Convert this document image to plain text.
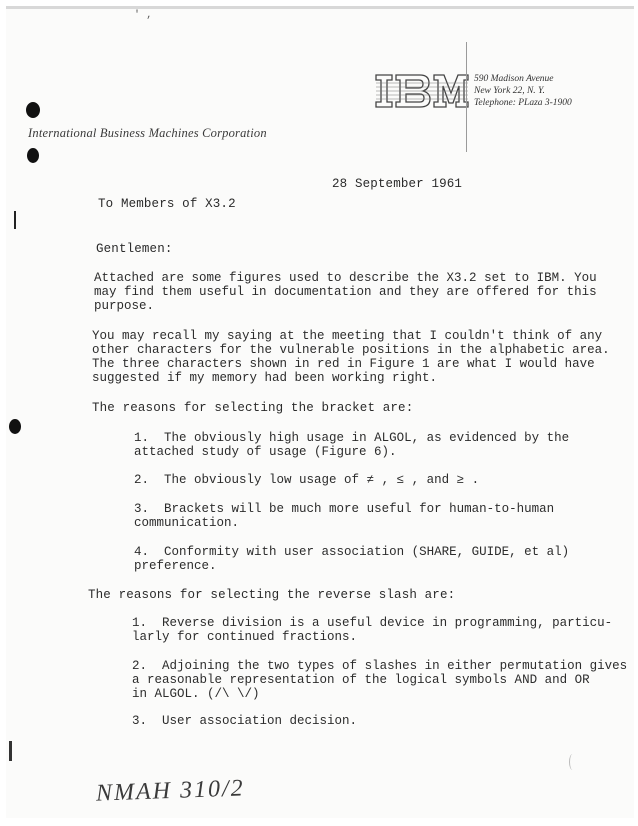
' ,
International Business Machines Corporation
590 Madison Avenue
New York 22, N. Y.
Telephone: PLaza 3-1900
28 September 1961
To Members of X3.2
Gentlemen:
Attached are some figures used to describe the X3.2 set to IBM. You
may find them useful in documentation and they are offered for this
purpose.
You may recall my saying at the meeting that I couldn't think of any
other characters for the vulnerable positions in the alphabetic area.
The three characters shown in red in Figure 1 are what I would have
suggested if my memory had been working right.
The reasons for selecting the bracket are:
1. The obviously high usage in ALGOL, as evidenced by the
attached study of usage (Figure 6).
2. The obviously low usage of ≠ , ≤ , and ≥ .
3. Brackets will be much more useful for human-to-human
communication.
4. Conformity with user association (SHARE, GUIDE, et al)
preference.
The reasons for selecting the reverse slash are:
1. Reverse division is a useful device in programming, particu-
larly for continued fractions.
2. Adjoining the two types of slashes in either permutation gives
a reasonable representation of the logical symbols AND and OR
in ALGOL. (/\ \/)
3. User association decision.
NMAH 310/2
